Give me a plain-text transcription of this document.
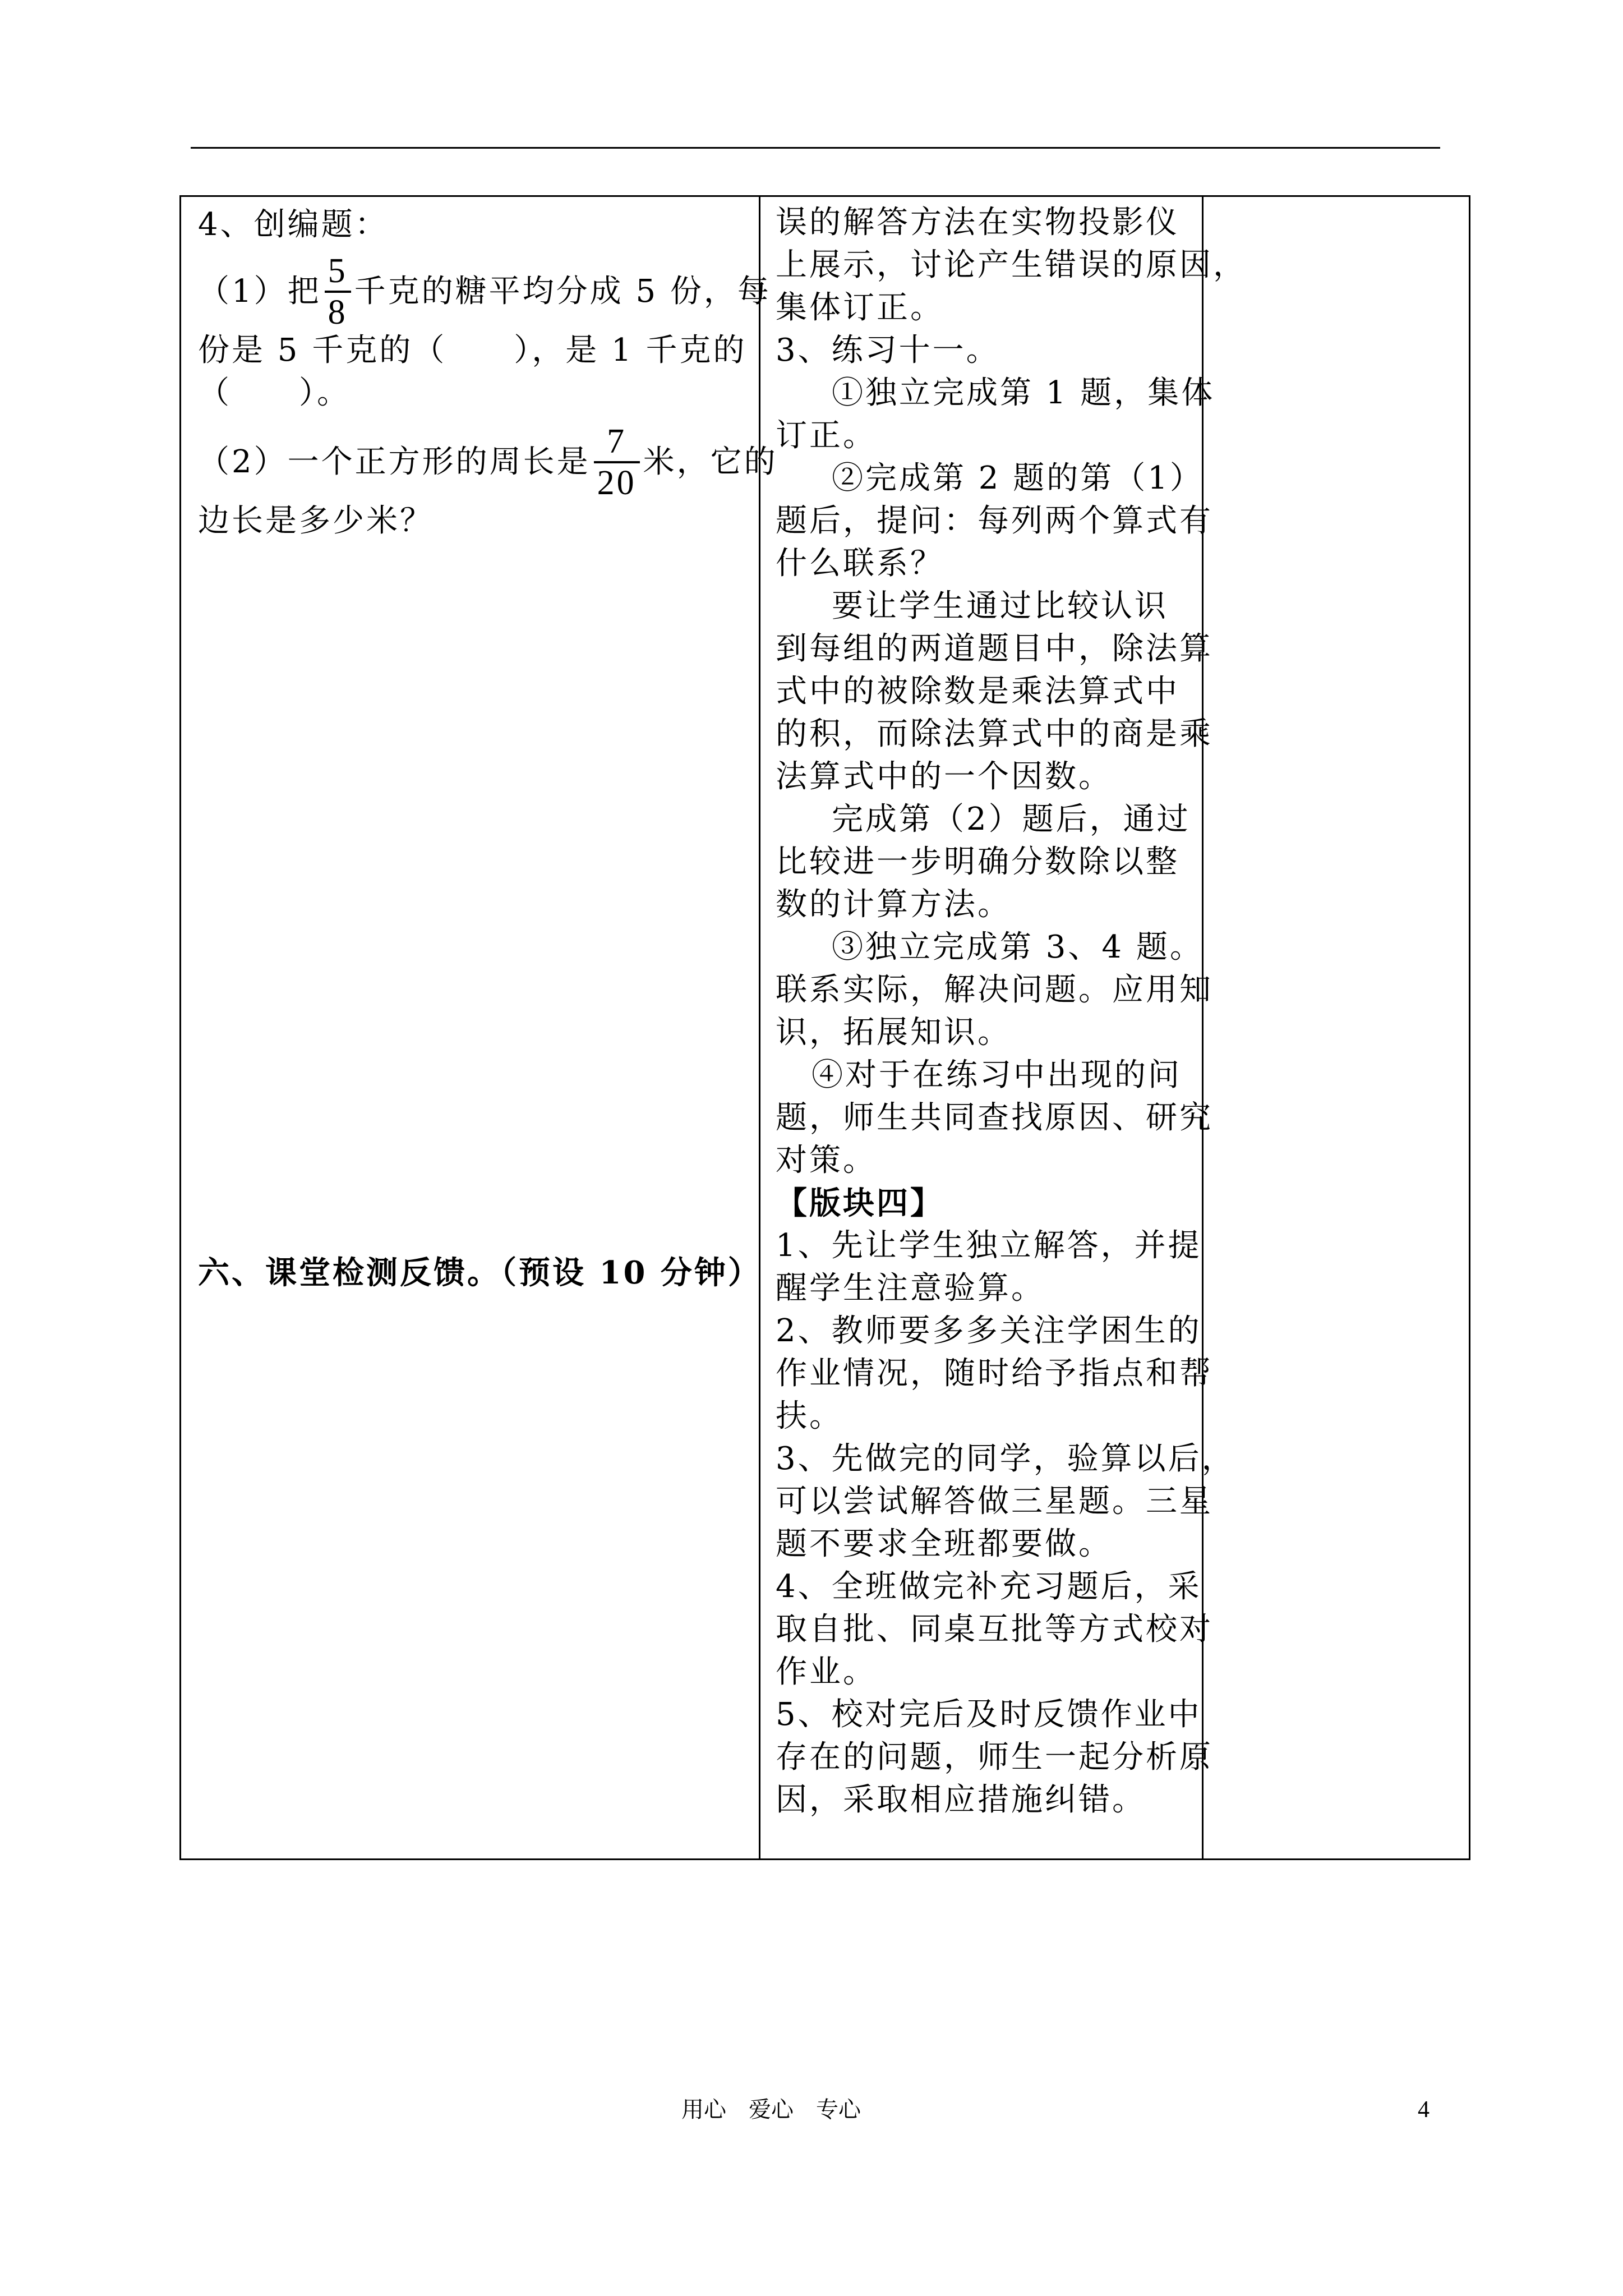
4、创编题：
（1）把 $\frac{5}{8}$ 千克的糖平均分成 5 份，每
份是 5 千克的（　　），是 1 千克的
（　　）。
（2）一个正方形的周长是 $\frac{7}{20}$ 米，它的
边长是多少米？
六、课堂检测反馈。（预设 10 分钟）
误的解答方法在实物投影仪
上展示，讨论产生错误的原因，
集体订正。
3、练习十一。
①独立完成第 1 题，集体
订正。
②完成第 2 题的第（1）
题后，提问：每列两个算式有
什么联系？
要让学生通过比较认识
到每组的两道题目中，除法算
式中的被除数是乘法算式中
的积，而除法算式中的商是乘
法算式中的一个因数。
完成第（2）题后，通过
比较进一步明确分数除以整
数的计算方法。
③独立完成第 3、4 题。
联系实际，解决问题。应用知
识，拓展知识。
④对于在练习中出现的问
题，师生共同查找原因、研究
对策。
【版块四】
1、先让学生独立解答，并提
醒学生注意验算。
2、教师要多多关注学困生的
作业情况，随时给予指点和帮
扶。
3、先做完的同学，验算以后，
可以尝试解答做三星题。三星
题不要求全班都要做。
4、全班做完补充习题后，采
取自批、同桌互批等方式校对
作业。
5、校对完后及时反馈作业中
存在的问题，师生一起分析原
因，采取相应措施纠错。
用心　爱心　专心	4
